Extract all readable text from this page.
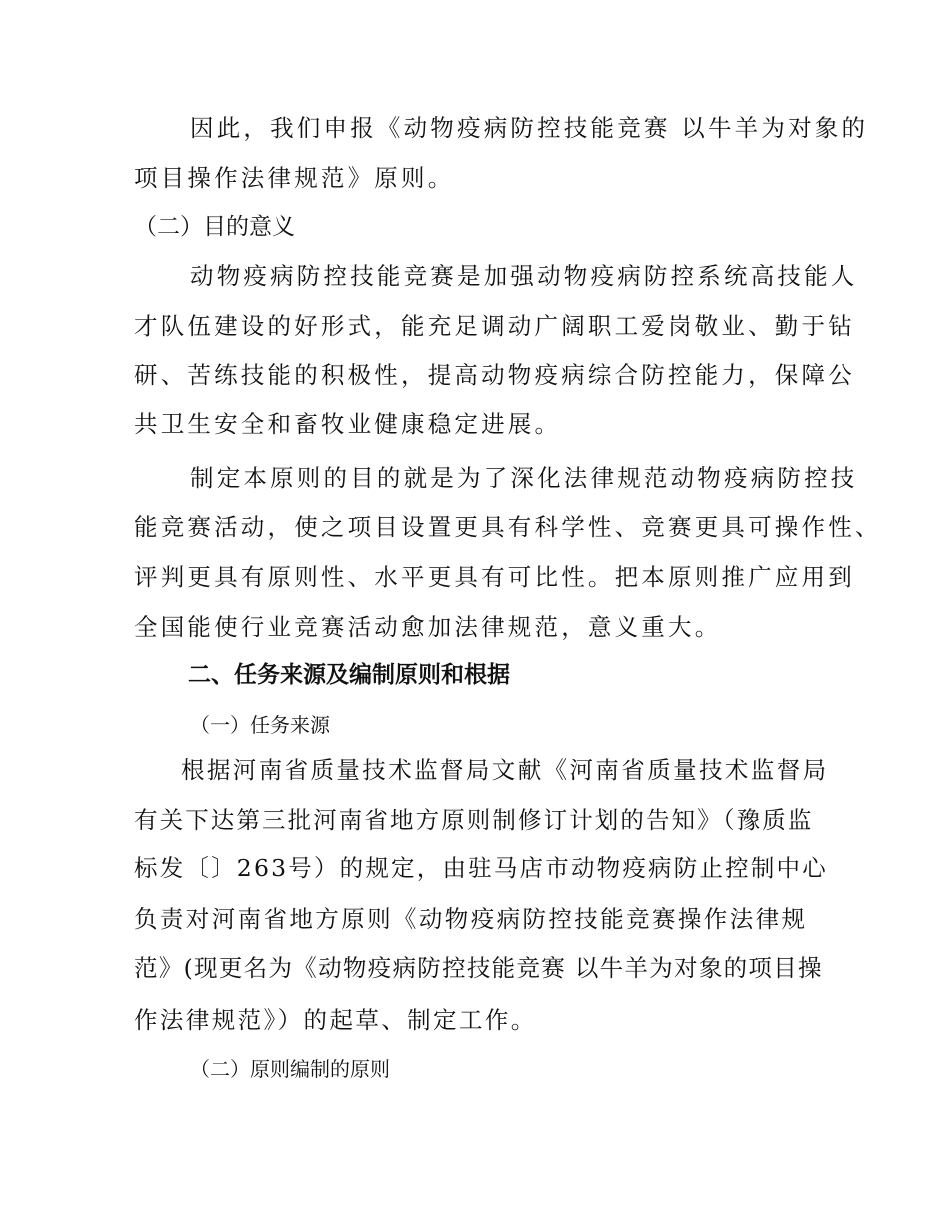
因此，我们申报《动物疫病防控技能竞赛 以牛羊为对象的

项目操作法律规范》原则。

（二）目的意义

动物疫病防控技能竞赛是加强动物疫病防控系统高技能人

才队伍建设的好形式，能充足调动广阔职工爱岗敬业、勤于钻

研、苦练技能的积极性，提高动物疫病综合防控能力，保障公

共卫生安全和畜牧业健康稳定进展。

制定本原则的目的就是为了深化法律规范动物疫病防控技

能竞赛活动，使之项目设置更具有科学性、竞赛更具可操作性、

评判更具有原则性、水平更具有可比性。把本原则推广应用到

全国能使行业竞赛活动愈加法律规范，意义重大。

二、任务来源及编制原则和根据
（一）任务来源

根据河南省质量技术监督局文献《河南省质量技术监督局

有关下达第三批河南省地方原则制修订计划的告知》（豫质监

标发〔〕263号）的规定，由驻马店市动物疫病防止控制中心

负责对河南省地方原则《动物疫病防控技能竞赛操作法律规

范》(现更名为《动物疫病防控技能竞赛 以牛羊为对象的项目操

作法律规范》）的起草、制定工作。

（二）原则编制的原则
